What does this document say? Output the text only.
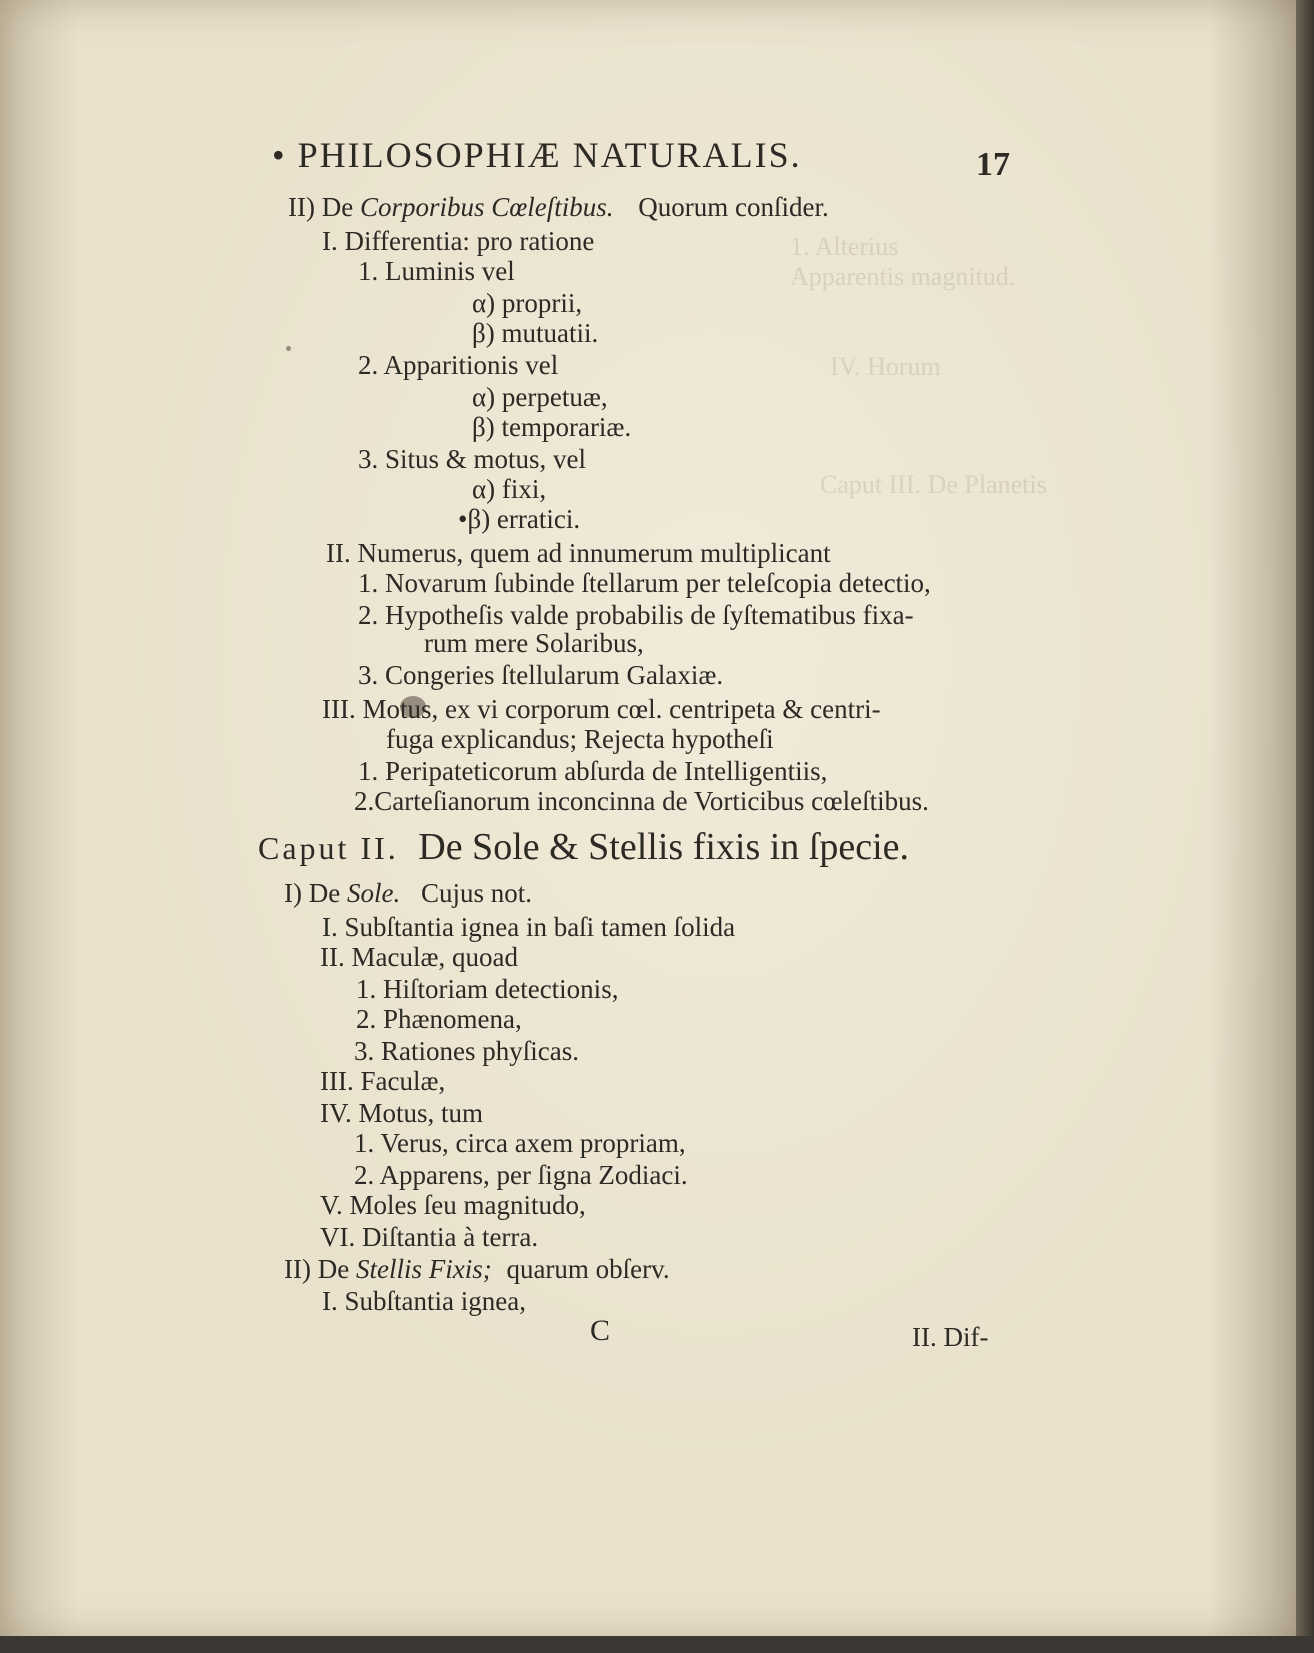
1. Alterius
Apparentis magnitud.
IV. Horum
Caput III. De Planetis
• PHILOSOPHIÆ NATURALIS.	17
II) De Corporibus Cœleſtibus. Quorum conſider.
I. Differentia: pro ratione
1. Luminis vel
α) proprii,
β) mutuatii.
2. Apparitionis vel
α) perpetuæ,
β) temporariæ.
3. Situs & motus, vel
α) fixi,
•β) erratici.
II. Numerus, quem ad innumerum multiplicant
1. Novarum ſubinde ſtellarum per teleſcopia detectio,
2. Hypotheſis valde probabilis de ſyſtematibus fixa-
rum mere Solaribus,
3. Congeries ſtellularum Galaxiæ.
III. Motus, ex vi corporum cœl. centripeta & centri-
fuga explicandus; Rejecta hypotheſi
1. Peripateticorum abſurda de Intelligentiis,
2.Carteſianorum inconcinna de Vorticibus cœleſtibus.
Caput II. De Sole & Stellis fixis in ſpecie.
I) De Sole. Cujus not.
I. Subſtantia ignea in baſi tamen ſolida
II. Maculæ, quoad
1. Hiſtoriam detectionis,
2. Phænomena,
3. Rationes phyſicas.
III. Faculæ,
IV. Motus, tum
1. Verus, circa axem propriam,
2. Apparens, per ſigna Zodiaci.
V. Moles ſeu magnitudo,
VI. Diſtantia à terra.
II) De Stellis Fixis; quarum obſerv.
I. Subſtantia ignea,
C	II. Dif-
